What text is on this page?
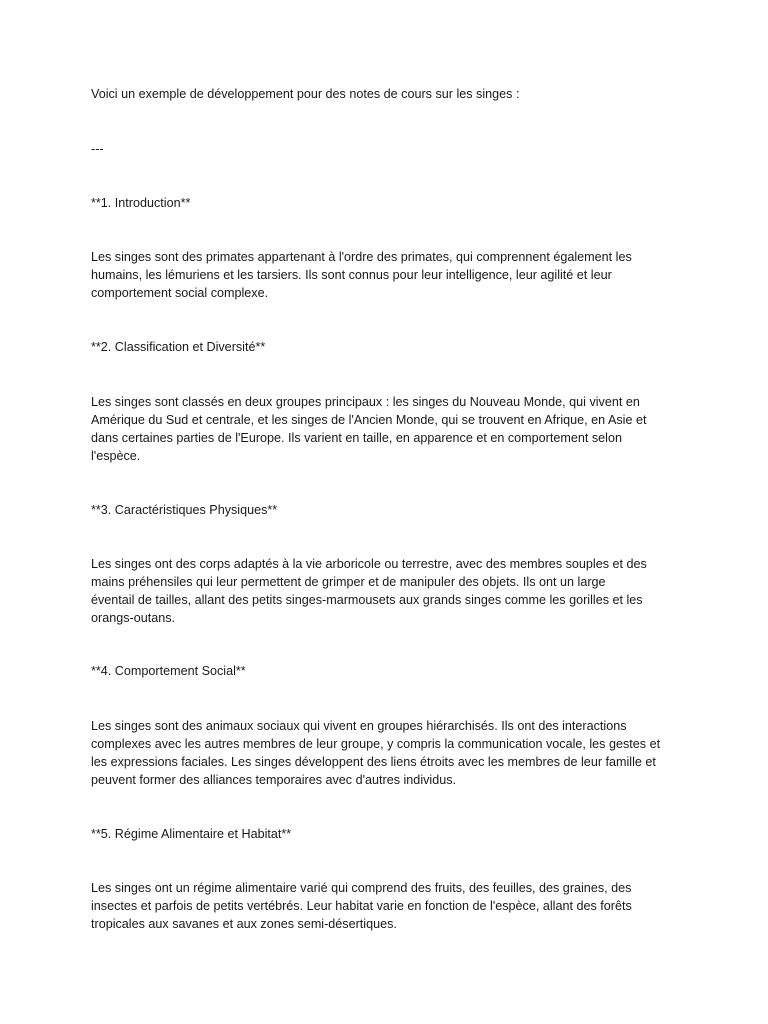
Voici un exemple de développement pour des notes de cours sur les singes :

---

**1. Introduction**

Les singes sont des primates appartenant à l'ordre des primates, qui comprennent également les
humains, les lémuriens et les tarsiers. Ils sont connus pour leur intelligence, leur agilité et leur
comportement social complexe.

**2. Classification et Diversité**

Les singes sont classés en deux groupes principaux : les singes du Nouveau Monde, qui vivent en
Amérique du Sud et centrale, et les singes de l'Ancien Monde, qui se trouvent en Afrique, en Asie et
dans certaines parties de l'Europe. Ils varient en taille, en apparence et en comportement selon
l'espèce.

**3. Caractéristiques Physiques**

Les singes ont des corps adaptés à la vie arboricole ou terrestre, avec des membres souples et des
mains préhensiles qui leur permettent de grimper et de manipuler des objets. Ils ont un large
éventail de tailles, allant des petits singes-marmousets aux grands singes comme les gorilles et les
orangs-outans.

**4. Comportement Social**

Les singes sont des animaux sociaux qui vivent en groupes hiérarchisés. Ils ont des interactions
complexes avec les autres membres de leur groupe, y compris la communication vocale, les gestes et
les expressions faciales. Les singes développent des liens étroits avec les membres de leur famille et
peuvent former des alliances temporaires avec d'autres individus.

**5. Régime Alimentaire et Habitat**

Les singes ont un régime alimentaire varié qui comprend des fruits, des feuilles, des graines, des
insectes et parfois de petits vertébrés. Leur habitat varie en fonction de l'espèce, allant des forêts
tropicales aux savanes et aux zones semi-désertiques.
